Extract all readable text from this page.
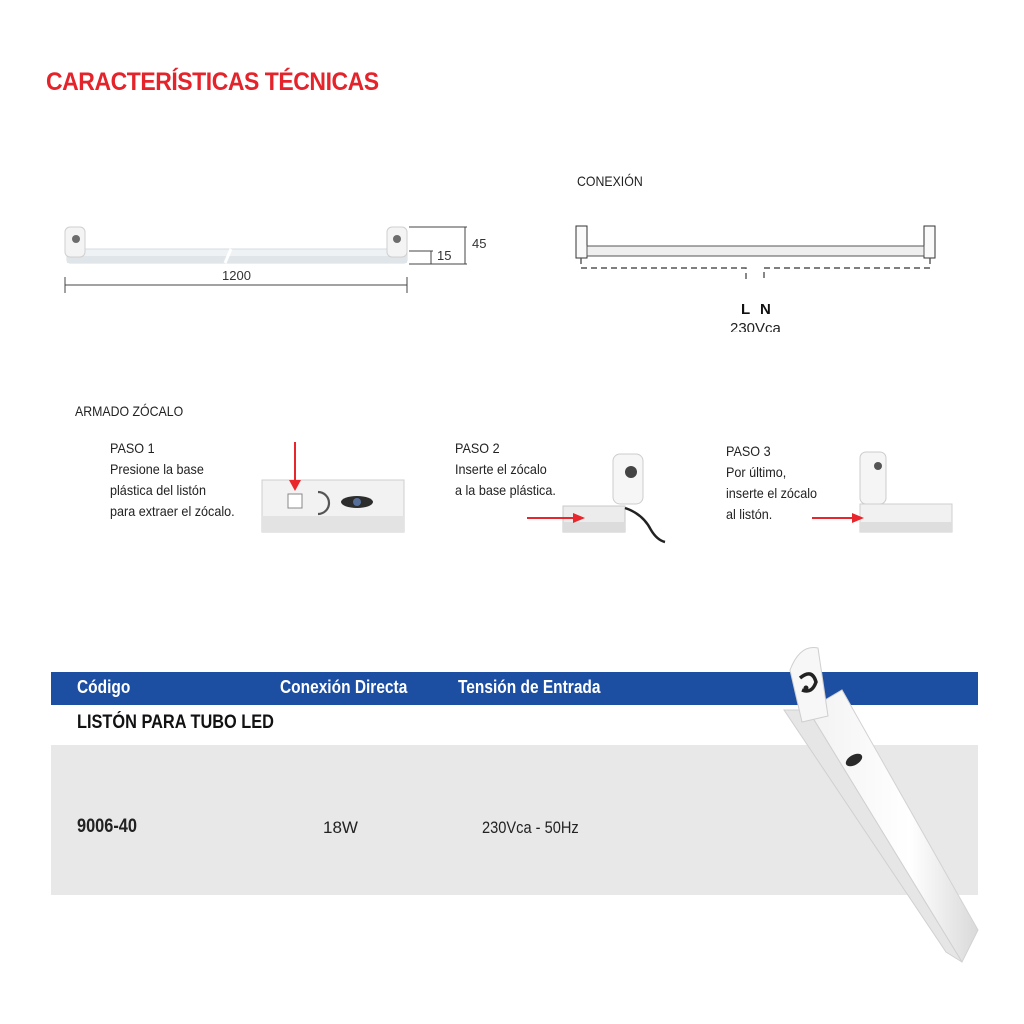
CARACTERÍSTICAS TÉCNICAS
45
15
1200
CONEXIÓN
L N
230Vca
ARMADO ZÓCALO
PASO 1
Presione la base
plástica del listón
para extraer el zócalo.
PASO 2
Inserte el zócalo
a la base plástica.
PASO 3
Por último,
inserte el zócalo
al listón.
Código	Conexión Directa	Tensión de Entrada
LISTÓN PARA TUBO LED
9006-40	18W	230Vca - 50Hz
